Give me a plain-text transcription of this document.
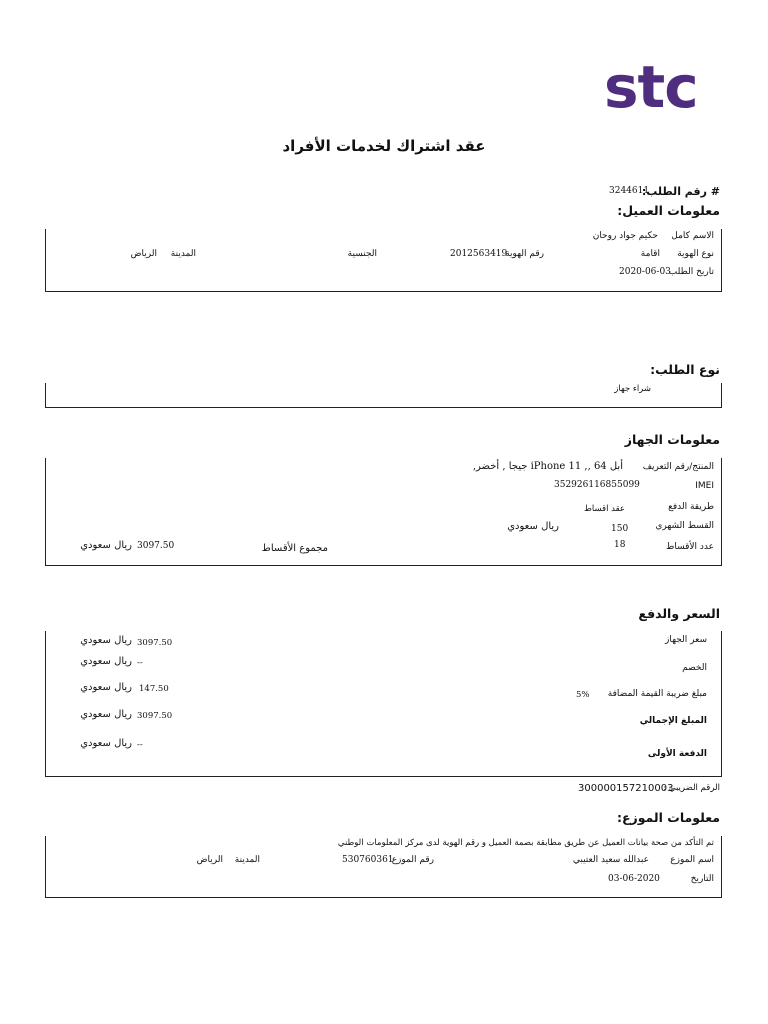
stc
عقد اشتراك لخدمات الأفراد
# رقم الطلب:
3244611
معلومات العميل:
الاسم كامل
حكيم جواد روحان
نوع الهوية
اقامة
رقم الهوية
2012563419
الجنسية
المدينة
الرياض
تاريخ الطلب
2020-06-03
نوع الطلب:
شراء جهاز
معلومات الجهاز
المنتج/رقم التعريف
أبل iPhone 11 ,, 64 جيجا , أخضر,
IMEI
352926116855099
طريقة الدفع
عقد اقساط
القسط الشهري
150
ريال سعودي
عدد الأقساط
18
مجموع الأقساط
3097.50
ريال سعودي
السعر والدفع
سعر الجهاز
3097.50
ريال سعودي
الخصم
--
ريال سعودي
مبلغ ضريبة القيمة المضافة
5%
147.50
ريال سعودي
المبلغ الإجمالي
3097.50
ريال سعودي
الدفعة الأولى
--
ريال سعودي
الرقم الضريبي :
300000157210003
معلومات الموزع:
تم التأكد من صحة بيانات العميل عن طريق مطابقة بصمة العميل و رقم الهوية لدى مركز المعلومات الوطني
اسم الموزع
عبدالله سعيد العتيبي
رقم الموزع
530760361
المدينة
الرياض
التاريخ
03-06-2020
